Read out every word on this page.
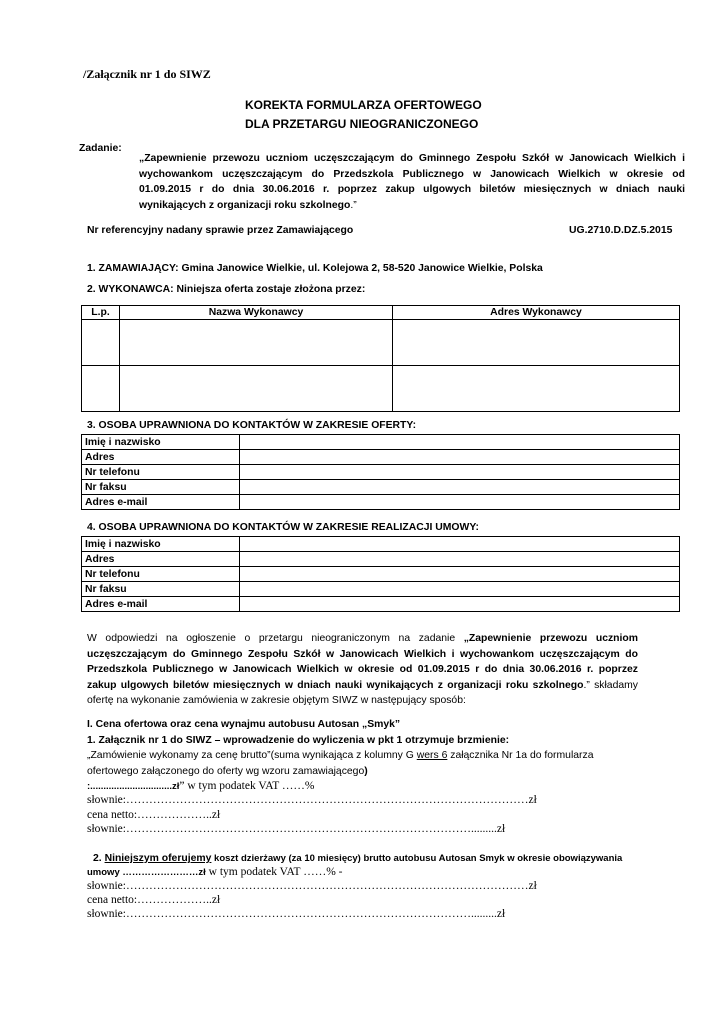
/Załącznik nr 1 do SIWZ
KOREKTA FORMULARZA OFERTOWEGO
DLA PRZETARGU NIEOGRANICZONEGO
Zadanie:
„Zapewnienie przewozu uczniom uczęszczającym do Gminnego Zespołu Szkół w Janowicach Wielkich i
wychowankom uczęszczającym do Przedszkola Publicznego w Janowicach Wielkich w okresie od
01.09.2015 r do dnia 30.06.2016 r. poprzez zakup ulgowych biletów miesięcznych w dniach nauki
wynikających z organizacji roku szkolnego.”
Nr referencyjny nadany sprawie przez Zamawiającego	UG.2710.D.DZ.5.2015
1. ZAMAWIAJĄCY: Gmina Janowice Wielkie, ul. Kolejowa 2, 58-520 Janowice Wielkie, Polska
2. WYKONAWCA: Niniejsza oferta zostaje złożona przez:
L.p.	Nazwa Wykonawcy	Adres Wykonawcy

3. OSOBA UPRAWNIONA DO KONTAKTÓW W ZAKRESIE OFERTY:
Imię i nazwisko	
Adres	
Nr telefonu	
Nr faksu	
Adres e-mail	
4. OSOBA UPRAWNIONA DO KONTAKTÓW W ZAKRESIE REALIZACJI UMOWY:
Imię i nazwisko	
Adres	
Nr telefonu	
Nr faksu	
Adres e-mail	
W odpowiedzi na ogłoszenie o przetargu nieograniczonym na zadanie „Zapewnienie przewozu uczniom
uczęszczającym do Gminnego Zespołu Szkół w Janowicach Wielkich i wychowankom uczęszczającym do
Przedszkola Publicznego w Janowicach Wielkich w okresie od 01.09.2015 r do dnia 30.06.2016 r. poprzez
zakup ulgowych biletów miesięcznych w dniach nauki wynikających z organizacji roku szkolnego.” składamy
ofertę na wykonanie zamówienia w zakresie objętym SIWZ w następujący sposób:
I. Cena ofertowa oraz cena wynajmu autobusu Autosan „Smyk”
1. Załącznik nr 1 do SIWZ – wprowadzenie do wyliczenia w pkt 1 otrzymuje brzmienie:
„Zamówienie wykonamy za cenę brutto”(suma wynikająca z kolumny G wers 6 załącznika Nr 1a do formularza
ofertowego załączonego do oferty wg wzoru zamawiającego)
:...............................zł” w tym podatek VAT ……%
słownie:……………………………………………………………………………………………zł
cena netto:………………..zł
słownie:……………………………………………………………………………….........zł
2. Niniejszym oferujemy koszt dzierżawy (za 10 miesięcy) brutto autobusu Autosan Smyk w okresie obowiązywania
umowy ……………………zł w tym podatek VAT ……% -
słownie:……………………………………………………………………………………………zł
cena netto:………………..zł
słownie:……………………………………………………………………………….........zł
